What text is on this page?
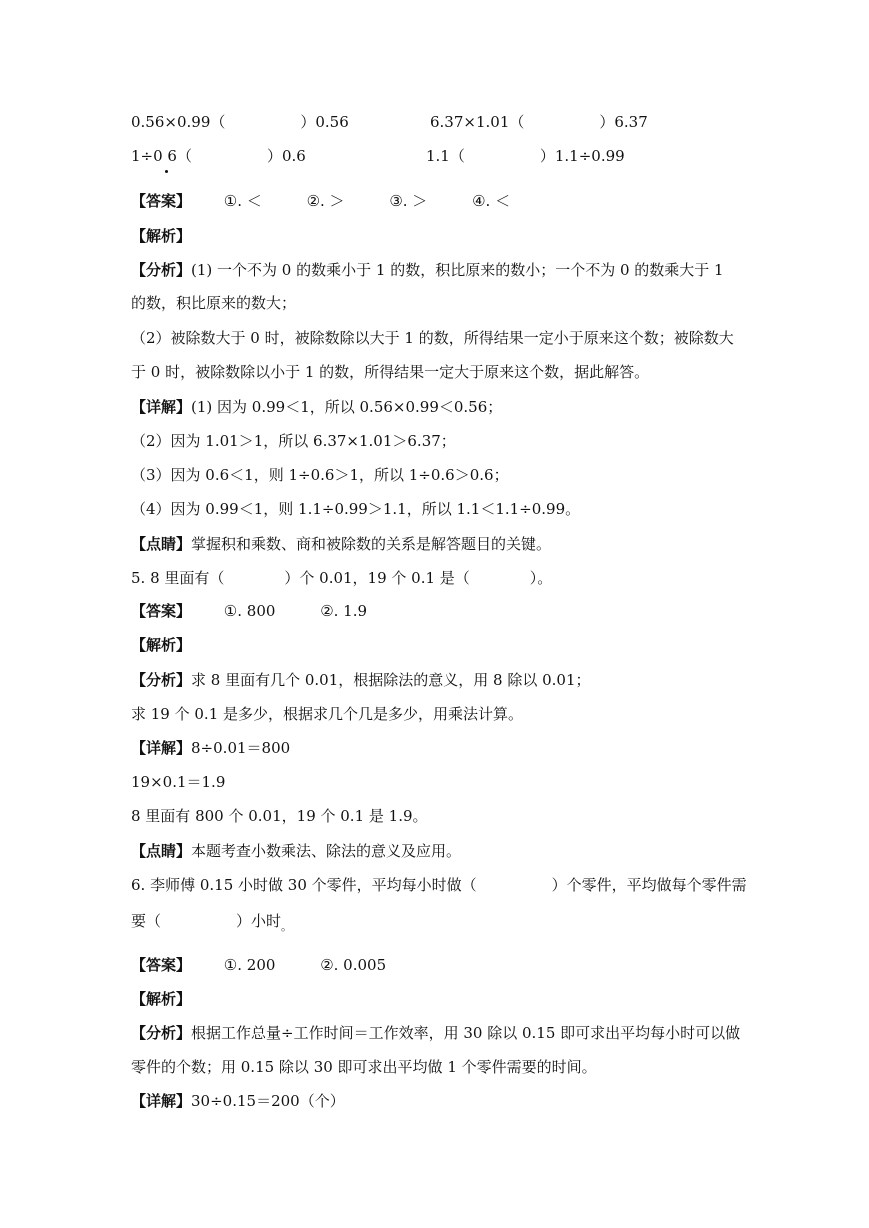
0.56×0.99（　　　　　）0.56	6.37×1.01（　　　　　）6.37
1÷0 6（　　　　　）0.6	1.1（　　　　　）1.1÷0.99
【答案】 ①. ＜	②. ＞	③. ＞	④. ＜
【解析】
【分析】(1) 一个不为 0 的数乘小于 1 的数，积比原来的数小；一个不为 0 的数乘大于 1
的数，积比原来的数大；
（2）被除数大于 0 时，被除数除以大于 1 的数，所得结果一定小于原来这个数；被除数大
于 0 时，被除数除以小于 1 的数，所得结果一定大于原来这个数，据此解答。
【详解】(1) 因为 0.99＜1，所以 0.56×0.99＜0.56；
（2）因为 1.01＞1，所以 6.37×1.01＞6.37；
（3）因为 0.6＜1，则 1÷0.6＞1，所以 1÷0.6＞0.6；
（4）因为 0.99＜1，则 1.1÷0.99＞1.1，所以 1.1＜1.1÷0.99。
【点睛】掌握积和乘数、商和被除数的关系是解答题目的关键。
5. 8 里面有（　　　　）个 0.01，19 个 0.1 是（　　　　）。
【答案】 ①. 800	②. 1.9
【解析】
【分析】求 8 里面有几个 0.01，根据除法的意义，用 8 除以 0.01；
求 19 个 0.1 是多少，根据求几个几是多少，用乘法计算。
【详解】8÷0.01＝800
19×0.1＝1.9
8 里面有 800 个 0.01，19 个 0.1 是 1.9。
【点睛】本题考查小数乘法、除法的意义及应用。
6. 李师傅 0.15 小时做 30 个零件，平均每小时做（　　　　　）个零件，平均做每个零件需
要（　　　　　）小时$_。$
【答案】 ①. 200	②. 0.005
【解析】
【分析】根据工作总量÷工作时间＝工作效率，用 30 除以 0.15 即可求出平均每小时可以做
零件的个数；用 0.15 除以 30 即可求出平均做 1 个零件需要的时间。
【详解】30÷0.15＝200（个）
